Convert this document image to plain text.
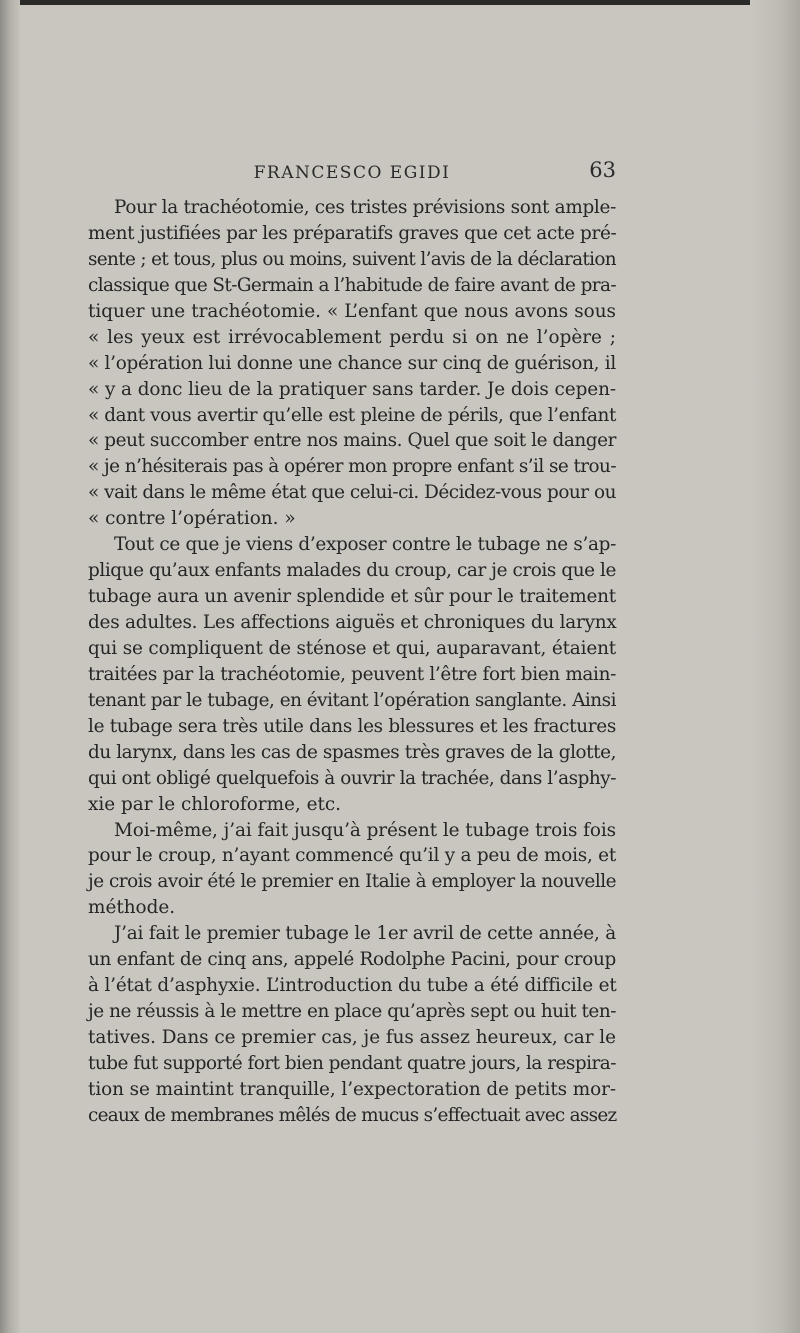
FRANCESCO EGIDI	63
Pour la trachéotomie, ces tristes prévisions sont ample-
ment justifiées par les préparatifs graves que cet acte pré-
sente ; et tous, plus ou moins, suivent l’avis de la déclaration
classique que St-Germain a l’habitude de faire avant de pra-
tiquer une trachéotomie. « L’enfant que nous avons sous
« les yeux est irrévocablement perdu si on ne l’opère ;
« l’opération lui donne une chance sur cinq de guérison, il
« y a donc lieu de la pratiquer sans tarder. Je dois cepen-
« dant vous avertir qu’elle est pleine de périls, que l’enfant
« peut succomber entre nos mains. Quel que soit le danger
« je n’hésiterais pas à opérer mon propre enfant s’il se trou-
« vait dans le même état que celui-ci. Décidez-vous pour ou
« contre l’opération. »
Tout ce que je viens d’exposer contre le tubage ne s’ap-
plique qu’aux enfants malades du croup, car je crois que le
tubage aura un avenir splendide et sûr pour le traitement
des adultes. Les affections aiguës et chroniques du larynx
qui se compliquent de sténose et qui, auparavant, étaient
traitées par la trachéotomie, peuvent l’être fort bien main-
tenant par le tubage, en évitant l’opération sanglante. Ainsi
le tubage sera très utile dans les blessures et les fractures
du larynx, dans les cas de spasmes très graves de la glotte,
qui ont obligé quelquefois à ouvrir la trachée, dans l’asphy-
xie par le chloroforme, etc.
Moi-même, j’ai fait jusqu’à présent le tubage trois fois
pour le croup, n’ayant commencé qu’il y a peu de mois, et
je crois avoir été le premier en Italie à employer la nouvelle
méthode.
J’ai fait le premier tubage le 1er avril de cette année, à
un enfant de cinq ans, appelé Rodolphe Pacini, pour croup
à l’état d’asphyxie. L’introduction du tube a été difficile et
je ne réussis à le mettre en place qu’après sept ou huit ten-
tatives. Dans ce premier cas, je fus assez heureux, car le
tube fut supporté fort bien pendant quatre jours, la respira-
tion se maintint tranquille, l’expectoration de petits mor-
ceaux de membranes mêlés de mucus s’effectuait avec assez
